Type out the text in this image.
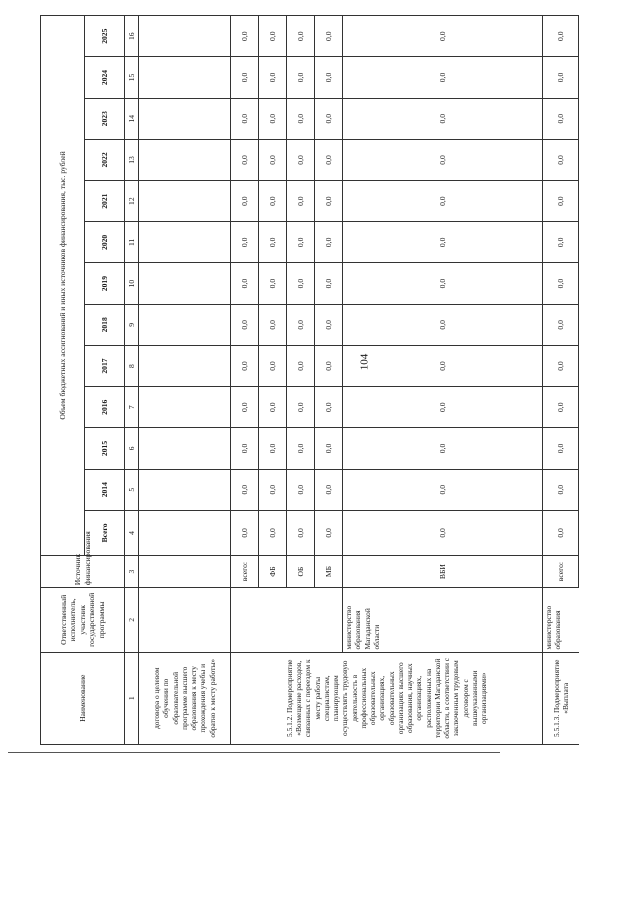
104
Наименование	Ответственный исполнитель, участник государственной программы	Источник финансирования	Объем бюджетных ассигнований и иных источников финансирования, тыс. рублей												
			Всего	2014	2015	2016	2017	2018	2019	2020	2021	2022	2023	2024	2025
1	2	3	4	5	6	7	8	9	10	11	12	13	14	15	16
договора о целевом обучении по образовательной программе высшего образования к месту прохождения учебы и обратно к месту работы»															
5.5.1.2. Подмероприятие «Возмещение расходов, связанных с переездом к месту работы специалистам, планирующим осуществлять трудовую деятельность в профессиональных образовательных организациях, образовательных организациях высшего образования, научных организациях, расположенных на территории Магаданской области, в соответствии с заключенным трудовым договором с вышеуказанными организациями»		всего:	0,0	0,0	0,0	0,0	0,0	0,0	0,0	0,0	0,0	0,0	0,0	0,0	0,0
		ФБ	0,0	0,0	0,0	0,0	0,0	0,0	0,0	0,0	0,0	0,0	0,0	0,0	0,0
		ОБ	0,0	0,0	0,0	0,0	0,0	0,0	0,0	0,0	0,0	0,0	0,0	0,0	0,0
		МБ	0,0	0,0	0,0	0,0	0,0	0,0	0,0	0,0	0,0	0,0	0,0	0,0	0,0
	министерство образования Магаданской области	ВБИ	0,0	0,0	0,0	0,0	0,0	0,0	0,0	0,0	0,0	0,0	0,0	0,0	0,0
5.5.1.3. Подмероприятие «Выплата	министерство образования	всего:	0,0	0,0	0,0	0,0	0,0	0,0	0,0	0,0	0,0	0,0	0,0	0,0	0,0
